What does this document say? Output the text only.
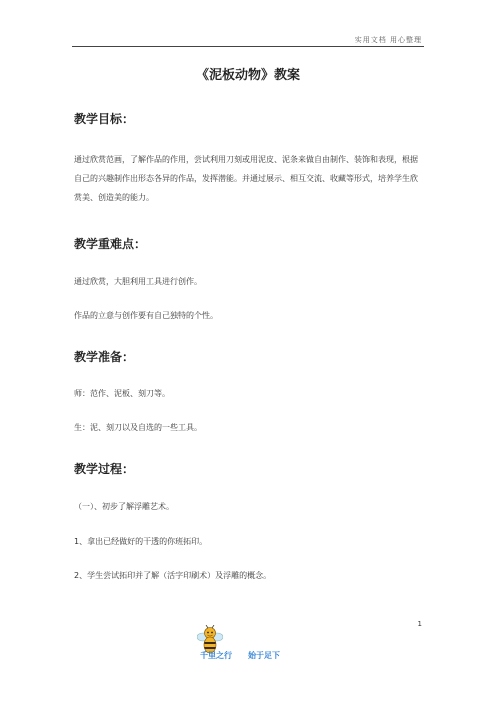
实用文档 用心整理
《泥板动物》教案
教学目标：
通过欣赏范画，了解作品的作用，尝试利用刀刻或用泥皮、泥条来做自由制作、装饰和表现，根据自己的兴趣制作出形态各异的作品，发挥潜能。并通过展示、相互交流、收藏等形式，培养学生欣赏美、创造美的能力。
教学重难点：
通过欣赏，大胆利用工具进行创作。
作品的立意与创作要有自己独特的个性。
教学准备：
师：范作、泥板、刻刀等。
生：泥、刻刀以及自选的一些工具。
教学过程：
（一）、初步了解浮雕艺术。
1、拿出已经做好的干透的你班拓印。
2、学生尝试拓印并了解（活字印刷术）及浮雕的概念。
1
千里之行 始于足下
